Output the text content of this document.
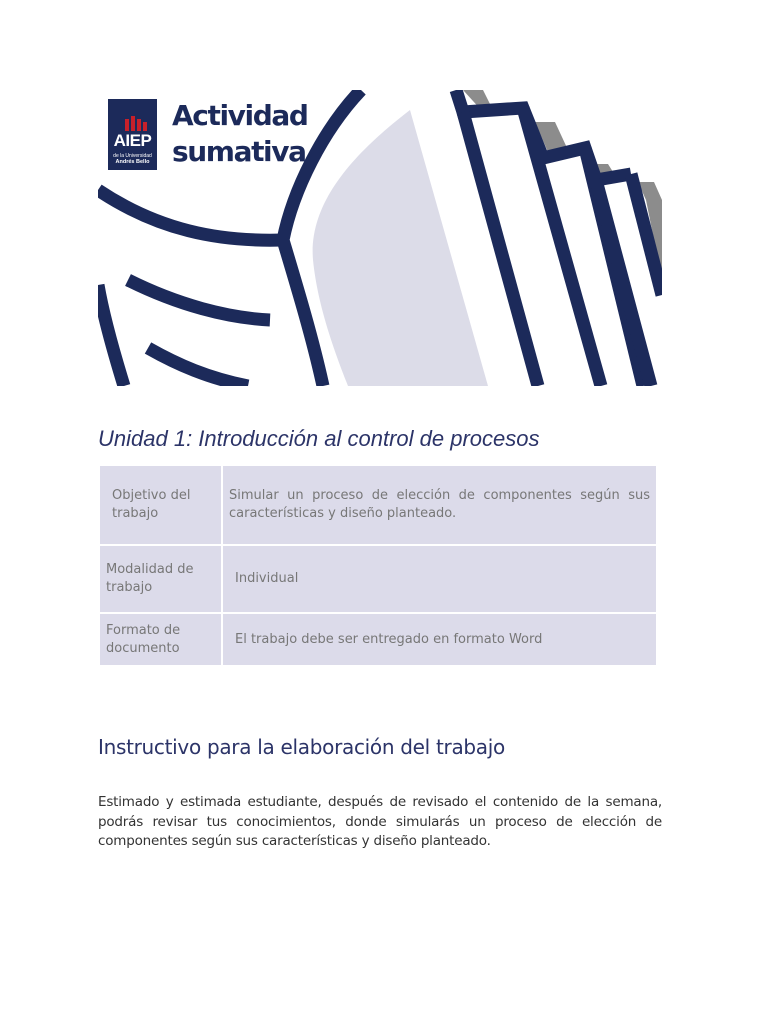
AIEP
de la Universidad
Andrés Bello
Actividad
sumativa
Unidad 1: Introducción al control de procesos
Objetivo del trabajo	Simular un proceso de elección de componentes según sus características y diseño planteado.
Modalidad de trabajo	Individual
Formato de documento	El trabajo debe ser entregado en formato Word
Instructivo para la elaboración del trabajo
Estimado y estimada estudiante, después de revisado el contenido de la semana, podrás revisar tus conocimientos, donde simularás un proceso de elección de componentes según sus características y diseño planteado.
